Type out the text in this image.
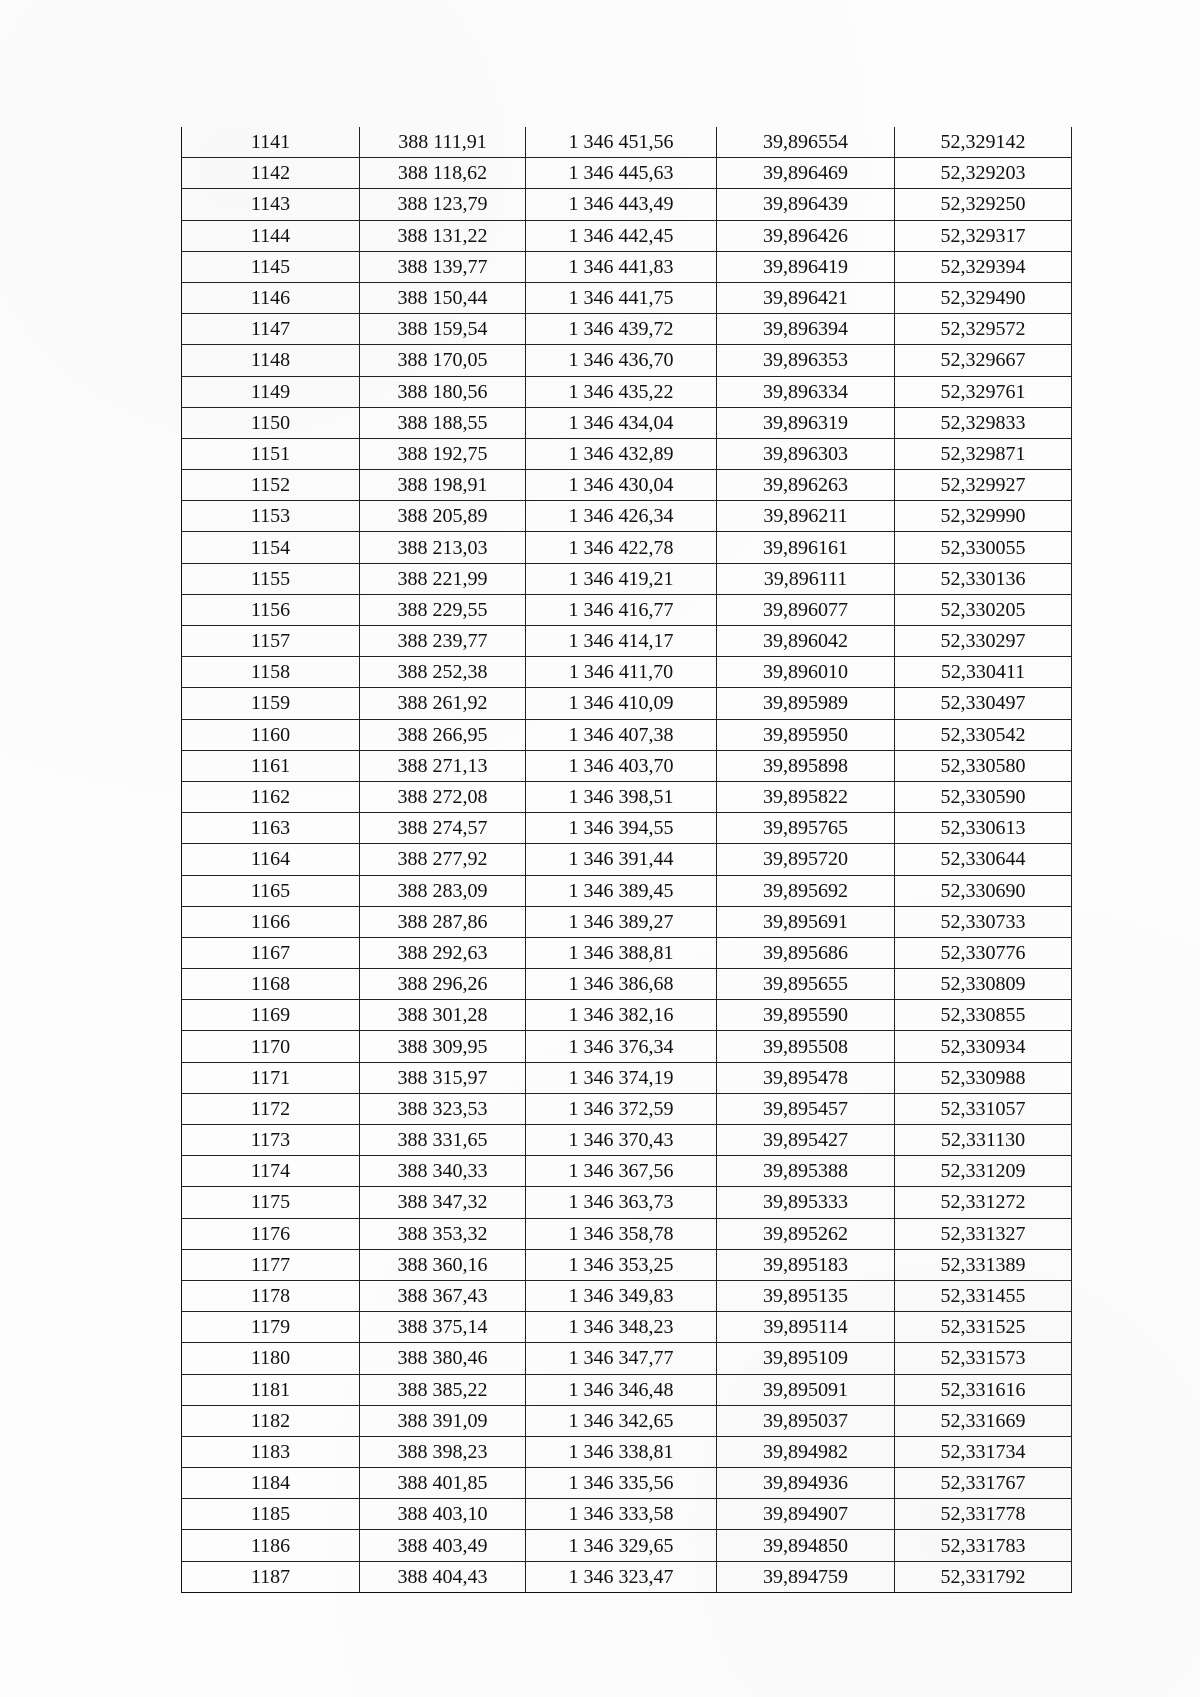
1141	388 111,91	1 346 451,56	39,896554	52,329142
1142	388 118,62	1 346 445,63	39,896469	52,329203
1143	388 123,79	1 346 443,49	39,896439	52,329250
1144	388 131,22	1 346 442,45	39,896426	52,329317
1145	388 139,77	1 346 441,83	39,896419	52,329394
1146	388 150,44	1 346 441,75	39,896421	52,329490
1147	388 159,54	1 346 439,72	39,896394	52,329572
1148	388 170,05	1 346 436,70	39,896353	52,329667
1149	388 180,56	1 346 435,22	39,896334	52,329761
1150	388 188,55	1 346 434,04	39,896319	52,329833
1151	388 192,75	1 346 432,89	39,896303	52,329871
1152	388 198,91	1 346 430,04	39,896263	52,329927
1153	388 205,89	1 346 426,34	39,896211	52,329990
1154	388 213,03	1 346 422,78	39,896161	52,330055
1155	388 221,99	1 346 419,21	39,896111	52,330136
1156	388 229,55	1 346 416,77	39,896077	52,330205
1157	388 239,77	1 346 414,17	39,896042	52,330297
1158	388 252,38	1 346 411,70	39,896010	52,330411
1159	388 261,92	1 346 410,09	39,895989	52,330497
1160	388 266,95	1 346 407,38	39,895950	52,330542
1161	388 271,13	1 346 403,70	39,895898	52,330580
1162	388 272,08	1 346 398,51	39,895822	52,330590
1163	388 274,57	1 346 394,55	39,895765	52,330613
1164	388 277,92	1 346 391,44	39,895720	52,330644
1165	388 283,09	1 346 389,45	39,895692	52,330690
1166	388 287,86	1 346 389,27	39,895691	52,330733
1167	388 292,63	1 346 388,81	39,895686	52,330776
1168	388 296,26	1 346 386,68	39,895655	52,330809
1169	388 301,28	1 346 382,16	39,895590	52,330855
1170	388 309,95	1 346 376,34	39,895508	52,330934
1171	388 315,97	1 346 374,19	39,895478	52,330988
1172	388 323,53	1 346 372,59	39,895457	52,331057
1173	388 331,65	1 346 370,43	39,895427	52,331130
1174	388 340,33	1 346 367,56	39,895388	52,331209
1175	388 347,32	1 346 363,73	39,895333	52,331272
1176	388 353,32	1 346 358,78	39,895262	52,331327
1177	388 360,16	1 346 353,25	39,895183	52,331389
1178	388 367,43	1 346 349,83	39,895135	52,331455
1179	388 375,14	1 346 348,23	39,895114	52,331525
1180	388 380,46	1 346 347,77	39,895109	52,331573
1181	388 385,22	1 346 346,48	39,895091	52,331616
1182	388 391,09	1 346 342,65	39,895037	52,331669
1183	388 398,23	1 346 338,81	39,894982	52,331734
1184	388 401,85	1 346 335,56	39,894936	52,331767
1185	388 403,10	1 346 333,58	39,894907	52,331778
1186	388 403,49	1 346 329,65	39,894850	52,331783
1187	388 404,43	1 346 323,47	39,894759	52,331792
